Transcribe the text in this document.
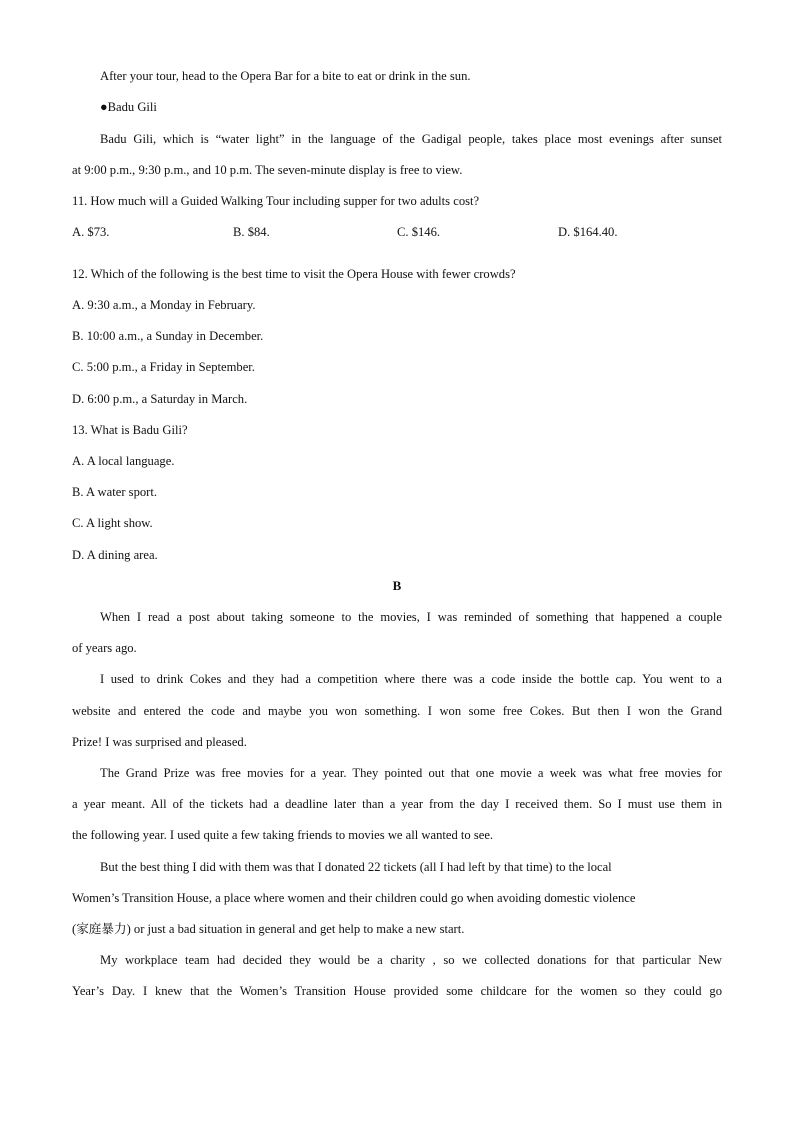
After your tour, head to the Opera Bar for a bite to eat or drink in the sun.
●Badu Gili
Badu Gili, which is “water light” in the language of the Gadigal people, takes place most evenings after sunset
at 9:00 p.m., 9:30 p.m., and 10 p.m. The seven-minute display is free to view.
11. How much will a Guided Walking Tour including supper for two adults cost?
A. $73.	B. $84.	C. $146.	D. $164.40.
12. Which of the following is the best time to visit the Opera House with fewer crowds?
A. 9:30 a.m., a Monday in February.
B. 10:00 a.m., a Sunday in December.
C. 5:00 p.m., a Friday in September.
D. 6:00 p.m., a Saturday in March.
13. What is Badu Gili?
A. A local language.
B. A water sport.
C. A light show.
D. A dining area.
B
When I read a post about taking someone to the movies, I was reminded of something that happened a couple
of years ago.
I used to drink Cokes and they had a competition where there was a code inside the bottle cap. You went to a
website and entered the code and maybe you won something. I won some free Cokes. But then I won the Grand
Prize! I was surprised and pleased.
The Grand Prize was free movies for a year. They pointed out that one movie a week was what free movies for
a year meant. All of the tickets had a deadline later than a year from the day I received them. So I must use them in
the following year. I used quite a few taking friends to movies we all wanted to see.
But the best thing I did with them was that I donated 22 tickets (all I had left by that time) to the local
Women’s Transition House, a place where women and their children could go when avoiding domestic violence
(家庭暴力) or just a bad situation in general and get help to make a new start.
My workplace team had decided they would be a charity , so we collected donations for that particular New
Year’s Day. I knew that the Women’s Transition House provided some childcare for the women so they could go
